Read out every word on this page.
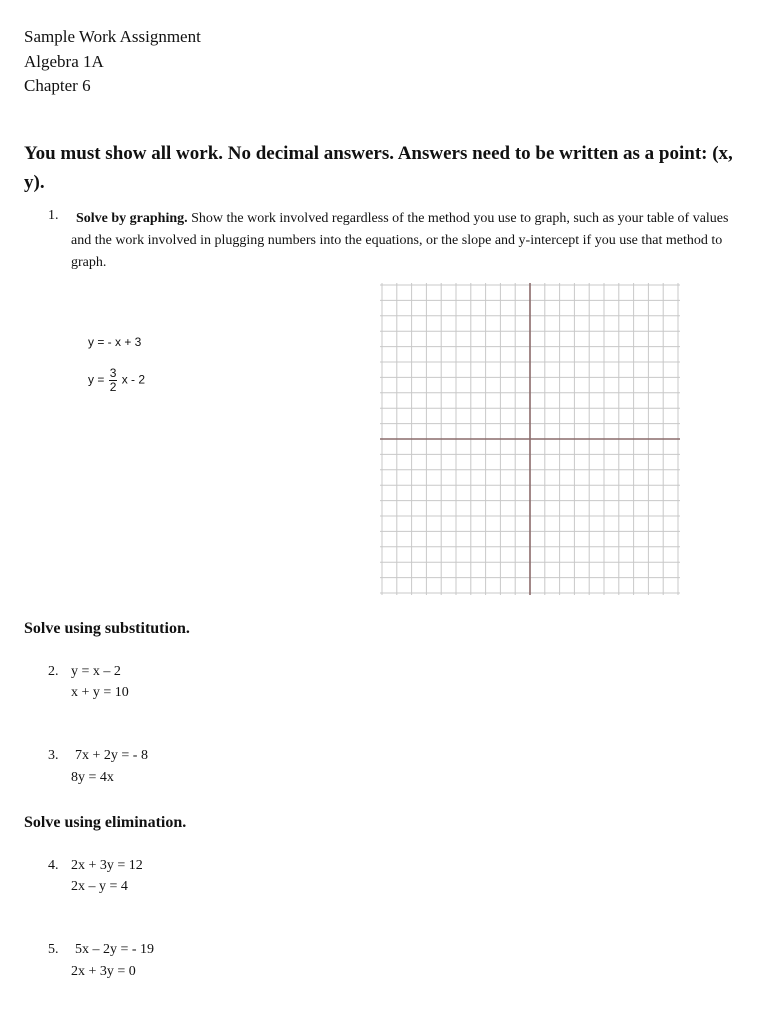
Sample Work Assignment
Algebra 1A
Chapter 6
You must show all work. No decimal answers. Answers need to be written as a point: (x, y).
1.	Solve by graphing. Show the work involved regardless of the method you use to graph, such as your table of values and the work involved in plugging numbers into the equations, or the slope and y-intercept if you use that method to graph.
y = - x + 3
$y = \frac{3}{2}$ x - 2
Solve using substitution.
2. y = x – 2
x + y = 10
3. 7x + 2y = - 8
8y = 4x
Solve using elimination.
4. 2x + 3y = 12
2x – y = 4
5. 5x – 2y = - 19
2x + 3y = 0
